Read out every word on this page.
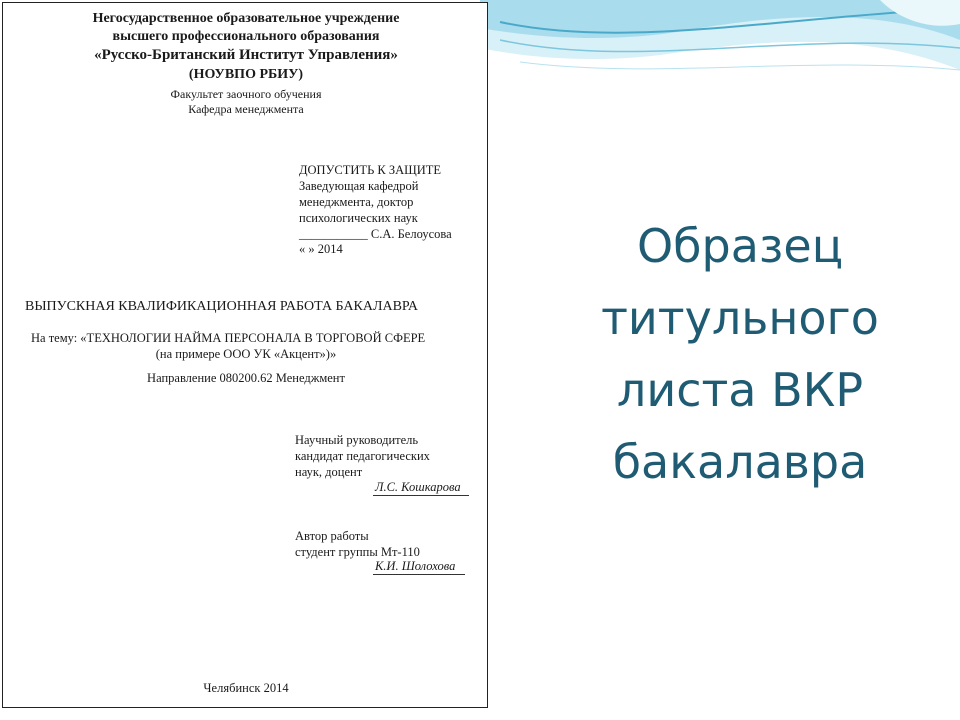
Негосударственное образовательное учреждение
высшего профессионального образования
«Русско-Британский Институт Управления»
(НОУВПО РБИУ)
Факультет заочного обучения
Кафедра менеджмента
ДОПУСТИТЬ К ЗАЩИТЕ
Заведующая кафедрой
менеджмента, доктор
психологических наук
___________ С.А. Белоусова
« » 2014
ВЫПУСКНАЯ КВАЛИФИКАЦИОННАЯ РАБОТА БАКАЛАВРА
На тему: «ТЕХНОЛОГИИ НАЙМА ПЕРСОНАЛА В ТОРГОВОЙ СФЕРЕ
(на примере ООО УК «Акцент»)»
Направление 080200.62 Менеджмент
Научный руководитель
кандидат педагогических
наук, доцент
Л.С. Кошкарова
Автор работы
студент группы Мт-110
К.И. Шолохова
Челябинск 2014
Образец
титульного
листа ВКР
бакалавра
